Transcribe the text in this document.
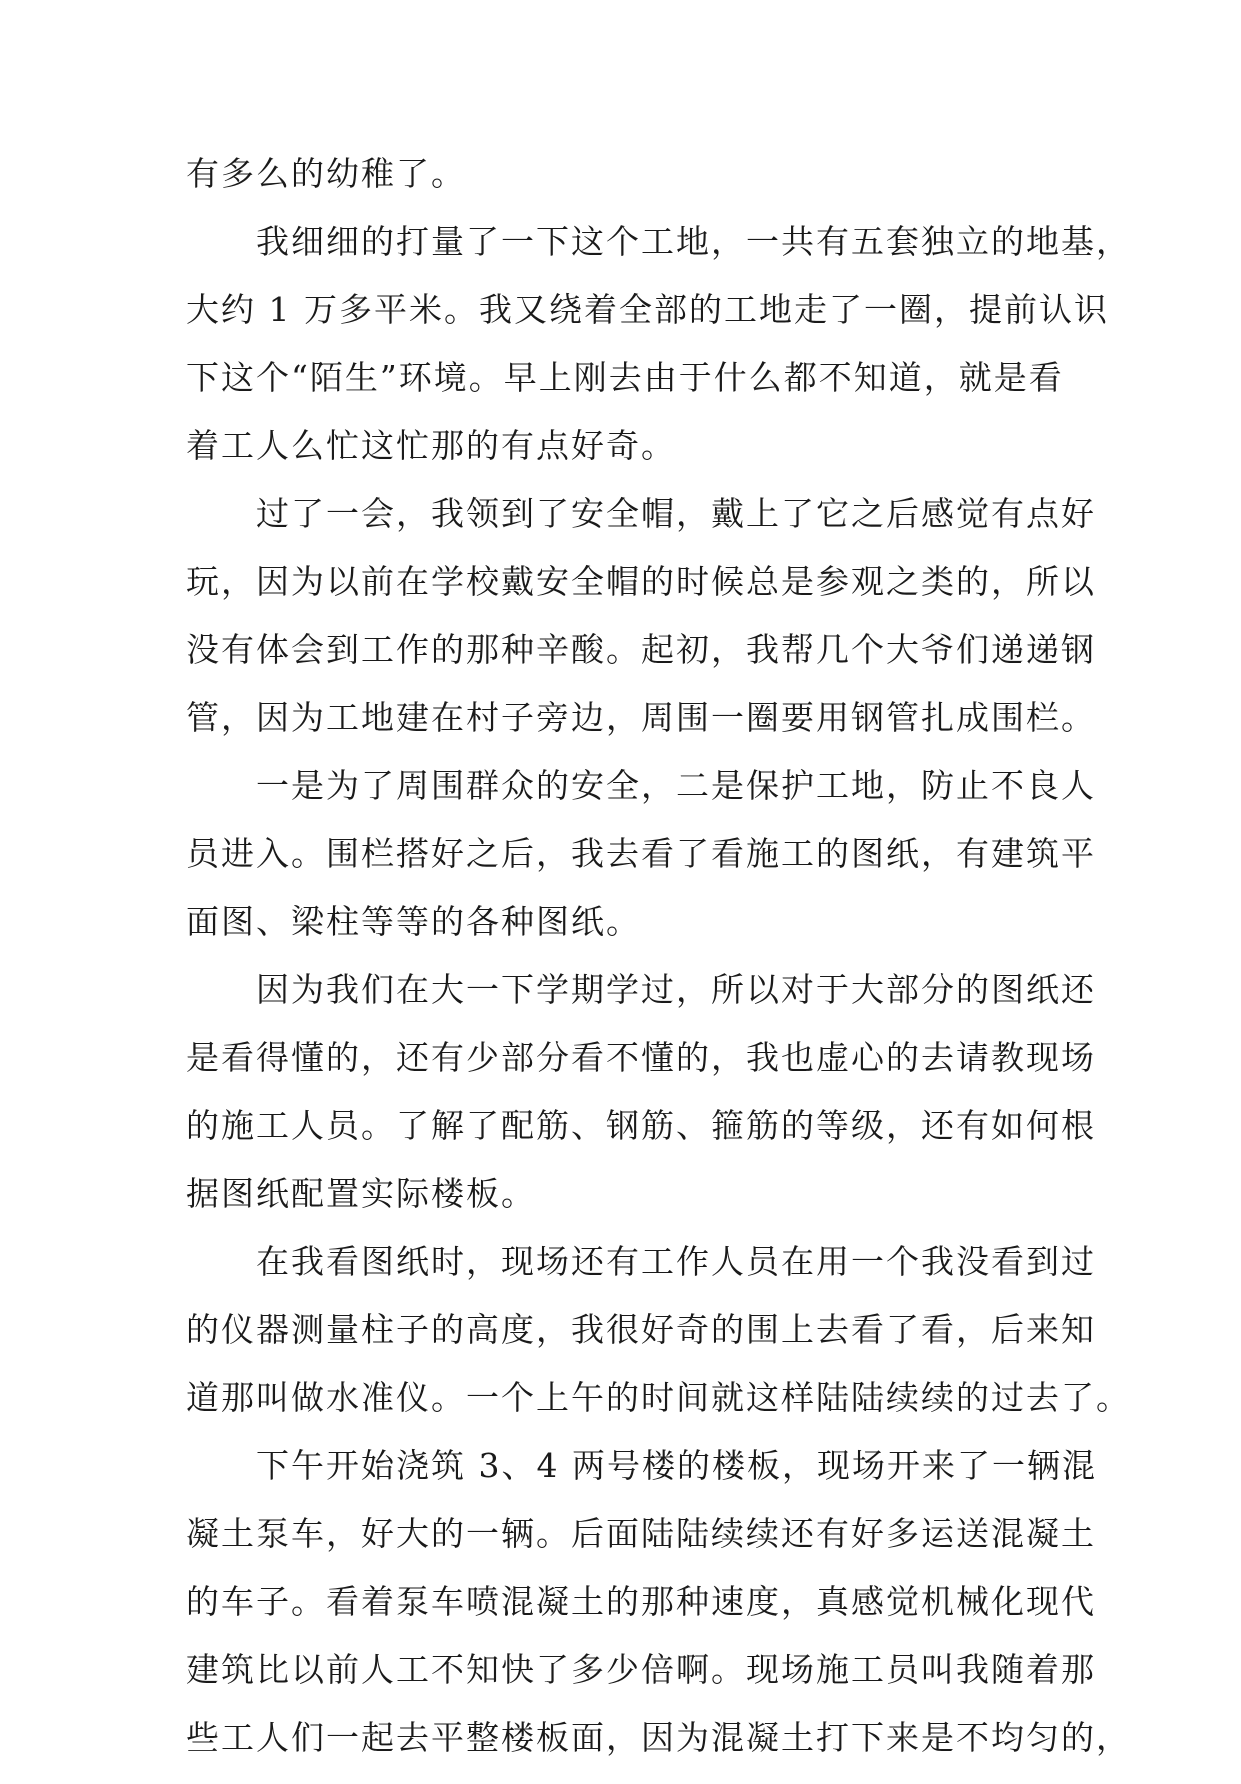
有多么的幼稚了。

　　我细细的打量了一下这个工地，一共有五套独立的地基，

大约 1 万多平米。我又绕着全部的工地走了一圈，提前认识

下这个“陌生”环境。早上刚去由于什么都不知道，就是看

着工人么忙这忙那的有点好奇。

　　过了一会，我领到了安全帽，戴上了它之后感觉有点好

玩，因为以前在学校戴安全帽的时候总是参观之类的，所以

没有体会到工作的那种辛酸。起初，我帮几个大爷们递递钢

管，因为工地建在村子旁边，周围一圈要用钢管扎成围栏。

　　一是为了周围群众的安全，二是保护工地，防止不良人

员进入。围栏搭好之后，我去看了看施工的图纸，有建筑平

面图、梁柱等等的各种图纸。

　　因为我们在大一下学期学过，所以对于大部分的图纸还

是看得懂的，还有少部分看不懂的，我也虚心的去请教现场

的施工人员。了解了配筋、钢筋、箍筋的等级，还有如何根

据图纸配置实际楼板。

　　在我看图纸时，现场还有工作人员在用一个我没看到过

的仪器测量柱子的高度，我很好奇的围上去看了看，后来知

道那叫做水准仪。一个上午的时间就这样陆陆续续的过去了。

　　下午开始浇筑 3、4 两号楼的楼板，现场开来了一辆混

凝土泵车，好大的一辆。后面陆陆续续还有好多运送混凝土

的车子。看着泵车喷混凝土的那种速度，真感觉机械化现代

建筑比以前人工不知快了多少倍啊。现场施工员叫我随着那

些工人们一起去平整楼板面，因为混凝土打下来是不均匀的，
